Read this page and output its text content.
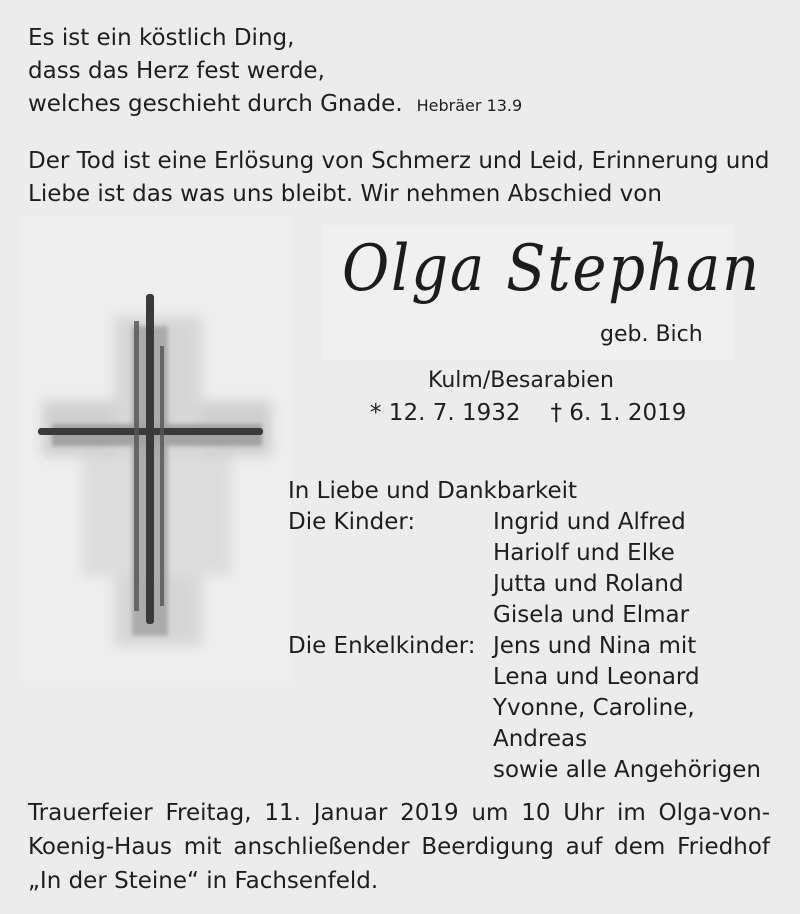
Es ist ein köstlich Ding,
dass das Herz fest werde,
welches geschieht durch Gnade. Hebräer 13.9
Der Tod ist eine Erlösung von Schmerz und Leid, Erinnerung und Liebe ist das was uns bleibt. Wir nehmen Abschied von
Olga Stephan
geb. Bich
Kulm/Besarabien
* 12. 7. 1932 † 6. 1. 2019
In Liebe und Dankbarkeit
Die Kinder:	Ingrid und Alfred
Hariolf und Elke
Jutta und Roland
Gisela und Elmar
Die Enkelkinder: Jens und Nina mit
Lena und Leonard
Yvonne, Caroline,
Andreas
sowie alle Angehörigen
Trauerfeier Freitag, 11. Januar 2019 um 10 Uhr im Olga-von-
Koenig-Haus mit anschließender Beerdigung auf dem Friedhof
„In der Steine“ in Fachsenfeld.
